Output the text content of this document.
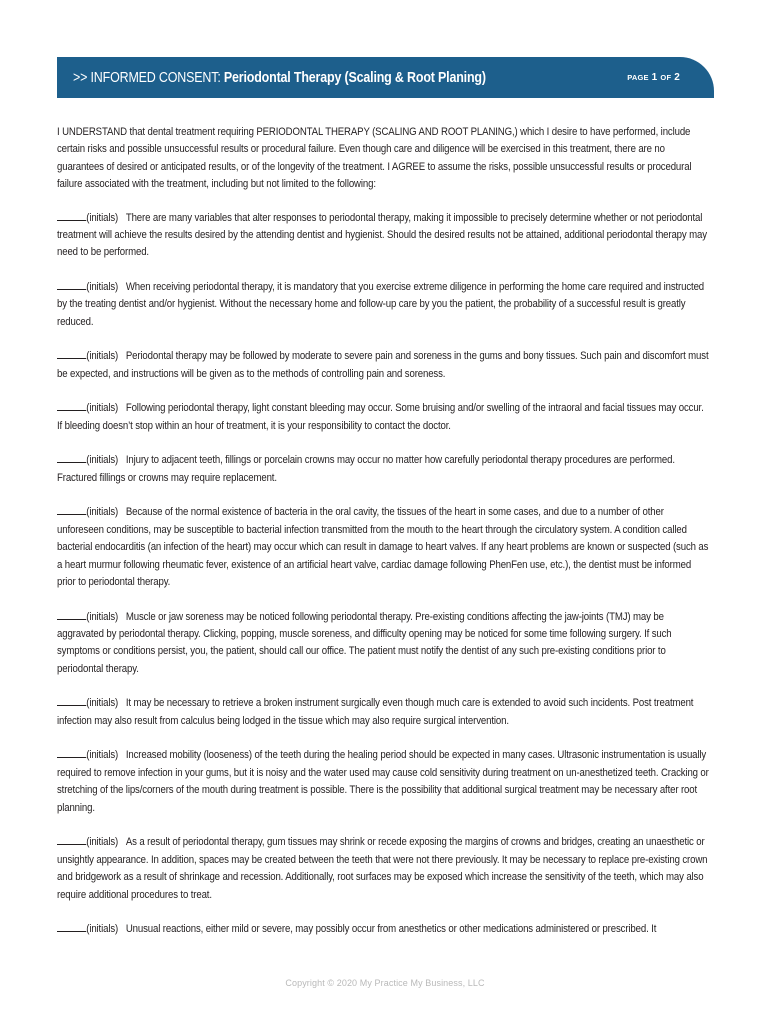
>> INFORMED CONSENT: Periodontal Therapy (Scaling & Root Planing)	PAGE 1 OF 2

I UNDERSTAND that dental treatment requiring PERIODONTAL THERAPY (SCALING AND ROOT PLANING,) which I desire to have performed, include certain risks and possible unsuccessful results or procedural failure. Even though care and diligence will be exercised in this treatment, there are no guarantees of desired or anticipated results, or of the longevity of the treatment. I AGREE to assume the risks, possible unsuccessful results or procedural failure associated with the treatment, including but not limited to the following:

(initials) There are many variables that alter responses to periodontal therapy, making it impossible to precisely determine whether or not periodontal treatment will achieve the results desired by the attending dentist and hygienist. Should the desired results not be attained, additional periodontal therapy may need to be performed.

(initials) When receiving periodontal therapy, it is mandatory that you exercise extreme diligence in performing the home care required and instructed by the treating dentist and/or hygienist. Without the necessary home and follow-up care by you the patient, the probability of a successful result is greatly reduced.

(initials) Periodontal therapy may be followed by moderate to severe pain and soreness in the gums and bony tissues. Such pain and discomfort must be expected, and instructions will be given as to the methods of controlling pain and soreness.

(initials) Following periodontal therapy, light constant bleeding may occur. Some bruising and/or swelling of the intraoral and facial tissues may occur. If bleeding doesn’t stop within an hour of treatment, it is your responsibility to contact the doctor.

(initials) Injury to adjacent teeth, fillings or porcelain crowns may occur no matter how carefully periodontal therapy procedures are performed. Fractured fillings or crowns may require replacement.

(initials) Because of the normal existence of bacteria in the oral cavity, the tissues of the heart in some cases, and due to a number of other unforeseen conditions, may be susceptible to bacterial infection transmitted from the mouth to the heart through the circulatory system. A condition called bacterial endocarditis (an infection of the heart) may occur which can result in damage to heart valves. If any heart problems are known or suspected (such as a heart murmur following rheumatic fever, existence of an artificial heart valve, cardiac damage following PhenFen use, etc.), the dentist must be informed prior to periodontal therapy.

(initials) Muscle or jaw soreness may be noticed following periodontal therapy. Pre-existing conditions affecting the jaw-joints (TMJ) may be aggravated by periodontal therapy. Clicking, popping, muscle soreness, and difficulty opening may be noticed for some time following surgery. If such symptoms or conditions persist, you, the patient, should call our office. The patient must notify the dentist of any such pre-existing conditions prior to periodontal therapy.

(initials) It may be necessary to retrieve a broken instrument surgically even though much care is extended to avoid such incidents. Post treatment infection may also result from calculus being lodged in the tissue which may also require surgical intervention.

(initials) Increased mobility (looseness) of the teeth during the healing period should be expected in many cases. Ultrasonic instrumentation is usually required to remove infection in your gums, but it is noisy and the water used may cause cold sensitivity during treatment on un-anesthetized teeth. Cracking or stretching of the lips/corners of the mouth during treatment is possible. There is the possibility that additional surgical treatment may be necessary after root planning.

(initials) As a result of periodontal therapy, gum tissues may shrink or recede exposing the margins of crowns and bridges, creating an unaesthetic or unsightly appearance. In addition, spaces may be created between the teeth that were not there previously. It may be necessary to replace pre-existing crown and bridgework as a result of shrinkage and recession. Additionally, root surfaces may be exposed which increase the sensitivity of the teeth, which may also require additional procedures to treat.

(initials) Unusual reactions, either mild or severe, may possibly occur from anesthetics or other medications administered or prescribed. It

Copyright © 2020 My Practice My Business, LLC
